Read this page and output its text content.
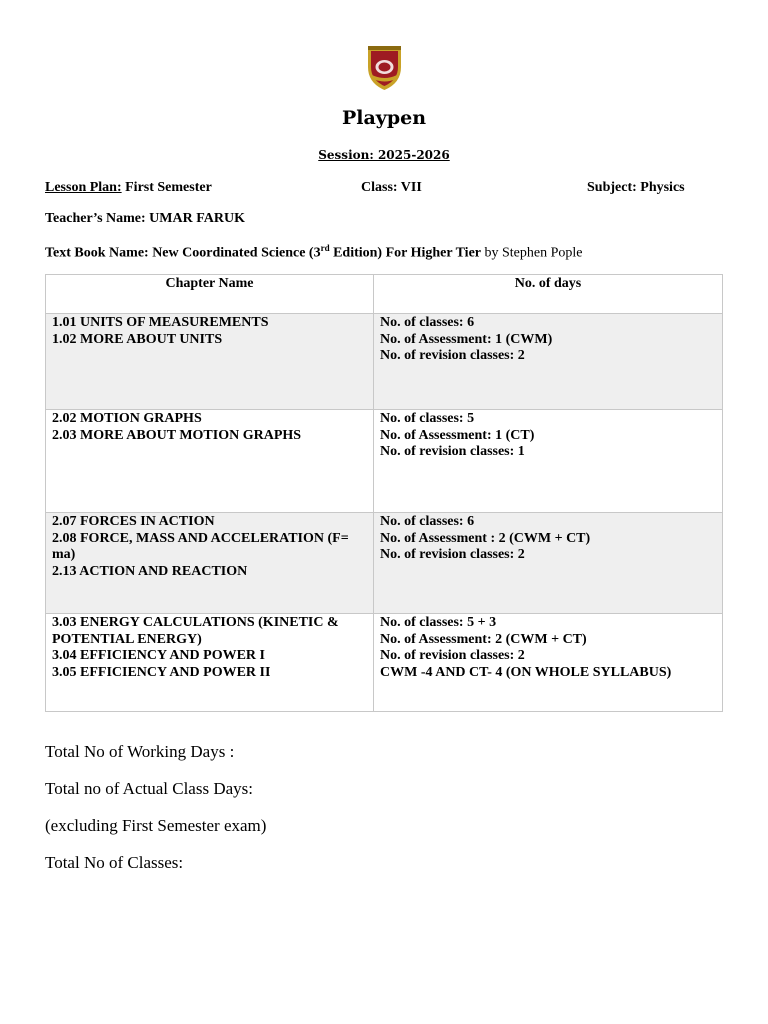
Playpen
Session: 2025-2026
Lesson Plan: First Semester	Class: VII	Subject: Physics
Teacher’s Name: UMAR FARUK
Text Book Name: New Coordinated Science (3rd Edition) For Higher Tier by Stephen Pople
Chapter Name	No. of days

1.01 UNITS OF MEASUREMENTS
1.02 MORE ABOUT UNITS	No. of classes: 6
No. of Assessment: 1 (CWM)
No. of revision classes: 2

2.02 MOTION GRAPHS
2.03 MORE ABOUT MOTION GRAPHS	No. of classes: 5
No. of Assessment: 1 (CT)
No. of revision classes: 1

2.07 FORCES IN ACTION
2.08 FORCE, MASS AND ACCELERATION (F= ma)
2.13 ACTION AND REACTION	No. of classes: 6
No. of Assessment : 2 (CWM + CT)
No. of revision classes: 2

3.03 ENERGY CALCULATIONS (KINETIC & POTENTIAL ENERGY)
3.04 EFFICIENCY AND POWER I
3.05 EFFICIENCY AND POWER II	No. of classes: 5 + 3
No. of Assessment: 2 (CWM + CT)
No. of revision classes: 2
CWM -4 AND CT- 4 (ON WHOLE SYLLABUS)
Total No of Working Days :
Total no of Actual Class Days:
(excluding First Semester exam)
Total No of Classes:
